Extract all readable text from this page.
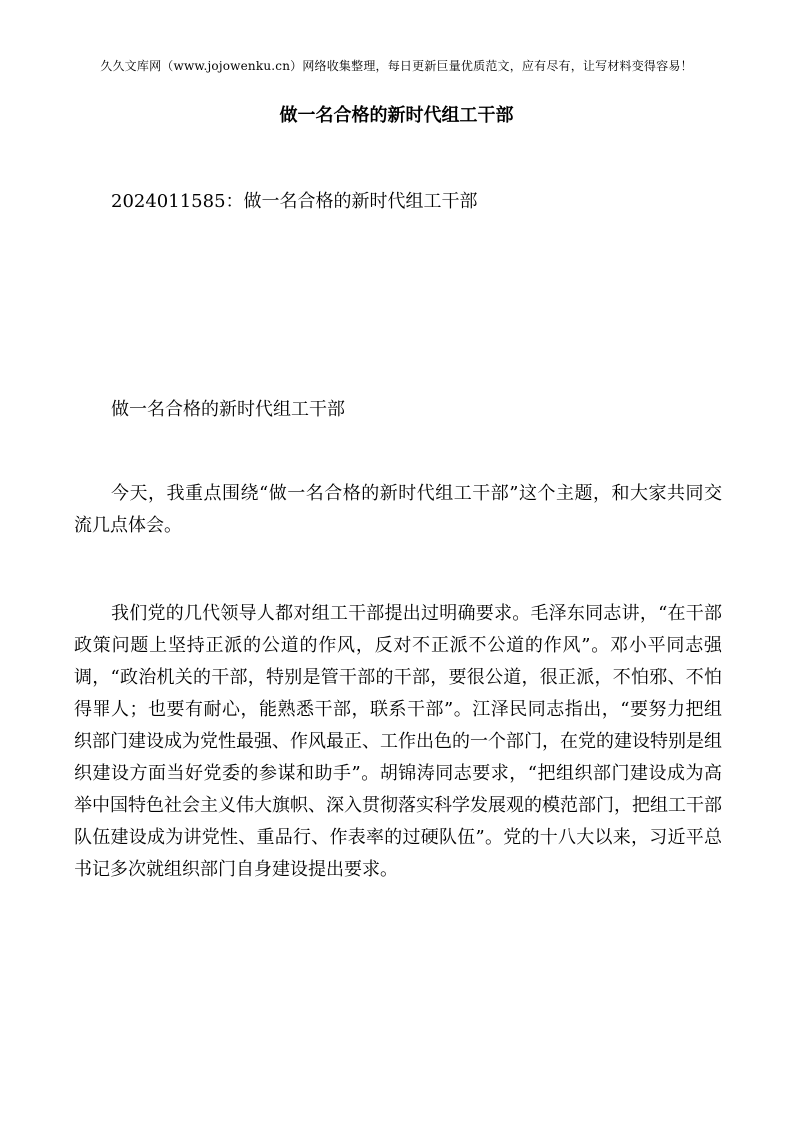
久久文库网（www.jojowenku.cn）网络收集整理，每日更新巨量优质范文，应有尽有，让写材料变得容易！
做一名合格的新时代组工干部

2024011585：做一名合格的新时代组工干部

做一名合格的新时代组工干部

今天，我重点围绕“做一名合格的新时代组工干部”这个主题，和大家共同交流几点体会。

我们党的几代领导人都对组工干部提出过明确要求。毛泽东同志讲，“在干部政策问题上坚持正派的公道的作风，反对不正派不公道的作风”。邓小平同志强调，“政治机关的干部，特别是管干部的干部，要很公道，很正派，不怕邪、不怕得罪人；也要有耐心，能熟悉干部，联系干部”。江泽民同志指出，“要努力把组织部门建设成为党性最强、作风最正、工作出色的一个部门，在党的建设特别是组织建设方面当好党委的参谋和助手”。胡锦涛同志要求，“把组织部门建设成为高举中国特色社会主义伟大旗帜、深入贯彻落实科学发展观的模范部门，把组工干部队伍建设成为讲党性、重品行、作表率的过硬队伍”。党的十八大以来，习近平总书记多次就组织部门自身建设提出要求。
